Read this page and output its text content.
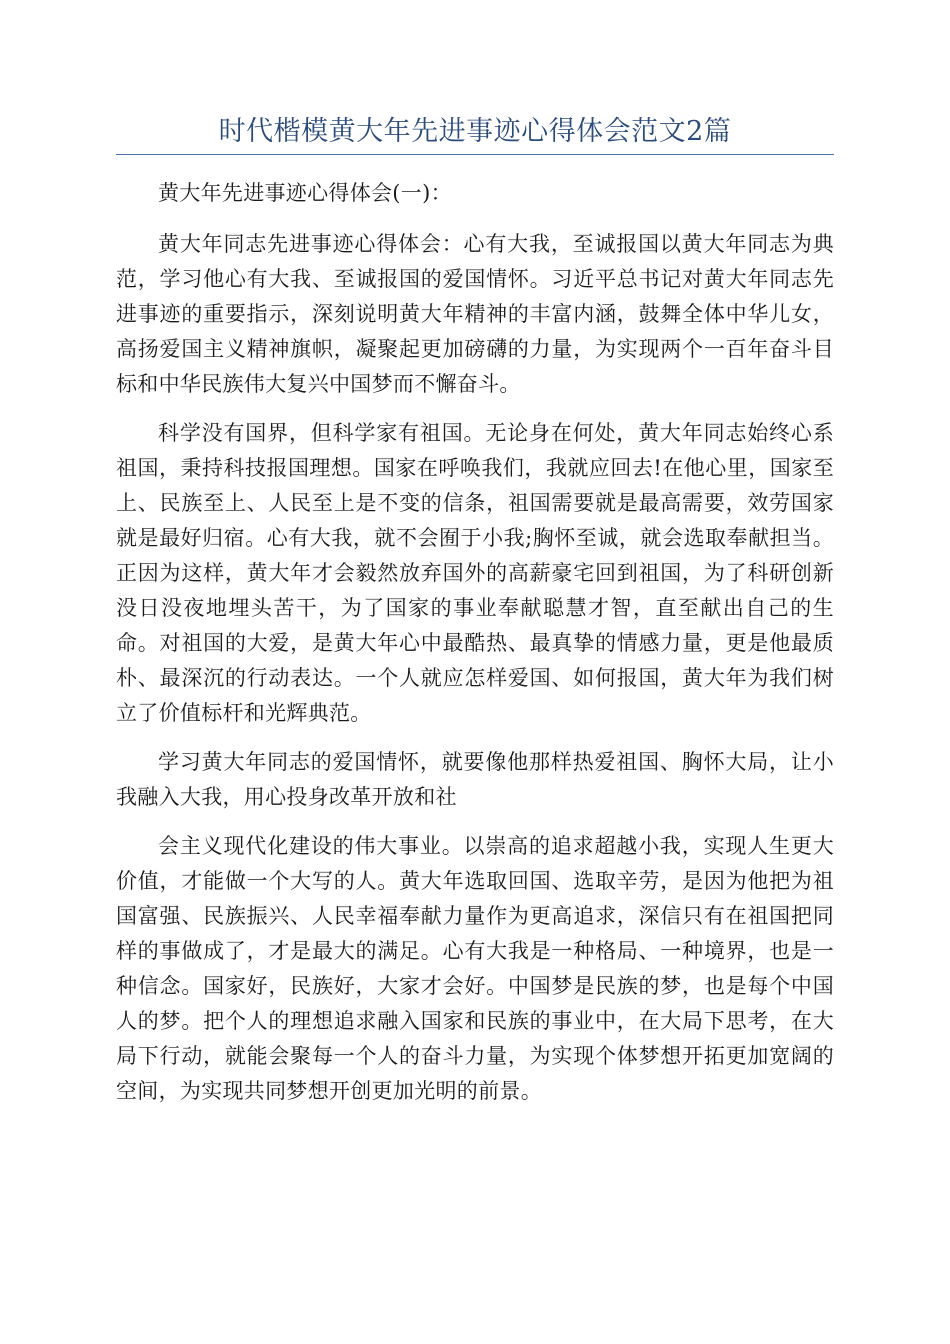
时代楷模黄大年先进事迹心得体会范文2篇

黄大年先进事迹心得体会(一)：

黄大年同志先进事迹心得体会：心有大我，至诚报国以黄大年同志为典范，学习他心有大我、至诚报国的爱国情怀。习近平总书记对黄大年同志先进事迹的重要指示，深刻说明黄大年精神的丰富内涵，鼓舞全体中华儿女，高扬爱国主义精神旗帜，凝聚起更加磅礴的力量，为实现两个一百年奋斗目标和中华民族伟大复兴中国梦而不懈奋斗。

科学没有国界，但科学家有祖国。无论身在何处，黄大年同志始终心系祖国，秉持科技报国理想。国家在呼唤我们，我就应回去!在他心里，国家至上、民族至上、人民至上是不变的信条，祖国需要就是最高需要，效劳国家就是最好归宿。心有大我，就不会囿于小我;胸怀至诚，就会选取奉献担当。正因为这样，黄大年才会毅然放弃国外的高薪豪宅回到祖国，为了科研创新没日没夜地埋头苦干，为了国家的事业奉献聪慧才智，直至献出自己的生命。对祖国的大爱，是黄大年心中最酷热、最真挚的情感力量，更是他最质朴、最深沉的行动表达。一个人就应怎样爱国、如何报国，黄大年为我们树立了价值标杆和光辉典范。

学习黄大年同志的爱国情怀，就要像他那样热爱祖国、胸怀大局，让小我融入大我，用心投身改革开放和社

会主义现代化建设的伟大事业。以崇高的追求超越小我，实现人生更大价值，才能做一个大写的人。黄大年选取回国、选取辛劳，是因为他把为祖国富强、民族振兴、人民幸福奉献力量作为更高追求，深信只有在祖国把同样的事做成了，才是最大的满足。心有大我是一种格局、一种境界，也是一种信念。国家好，民族好，大家才会好。中国梦是民族的梦，也是每个中国人的梦。把个人的理想追求融入国家和民族的事业中，在大局下思考，在大局下行动，就能会聚每一个人的奋斗力量，为实现个体梦想开拓更加宽阔的空间，为实现共同梦想开创更加光明的前景。
